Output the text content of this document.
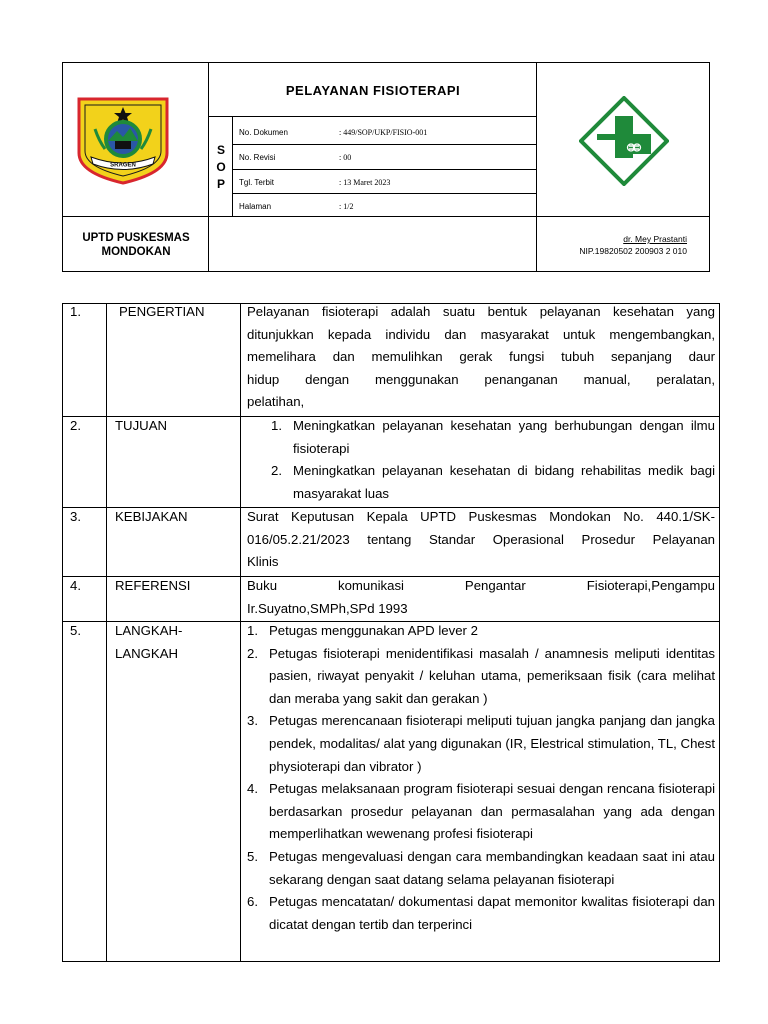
SRAGEN
PELAYANAN FISIOTERAPI
S
O
P
No. Dokumen	: 449/SOP/UKP/FISIO-001
No. Revisi	: 00
Tgl. Terbit	: 13 Maret 2023
Halaman	: 1/2
UPTD PUSKESMAS
MONDOKAN
dr. Mey Prastanti
NIP.19820502 200903 2 010
1.	PENGERTIAN	Pelayanan fisioterapi adalah suatu bentuk pelayanan kesehatan yang
ditunjukkan kepada individu dan masyarakat untuk mengembangkan,
memelihara dan memulihkan gerak fungsi tubuh sepanjang daur
hidup dengan menggunakan penanganan manual, peralatan,
pelatihan,
2.	TUJUAN	1. Meningkatkan pelayanan kesehatan yang berhubungan dengan ilmu fisioterapi
2. Meningkatkan pelayanan kesehatan di bidang rehabilitas medik bagi masyarakat luas
3.	KEBIJAKAN	Surat Keputusan Kepala UPTD Puskesmas Mondokan No. 440.1/SK-
016/05.2.21/2023 tentang Standar Operasional Prosedur Pelayanan
Klinis
4.	REFERENSI	Buku komunikasi Pengantar Fisioterapi,Pengampu
Ir.Suyatno,SMPh,SPd 1993
5.	LANGKAH-
LANGKAH
1. Petugas menggunakan APD lever 2
2. Petugas fisioterapi menidentifikasi masalah / anamnesis meliputi identitas pasien, riwayat penyakit / keluhan utama, pemeriksaan fisik (cara melihat dan meraba yang sakit dan gerakan )
3. Petugas merencanaan fisioterapi meliputi tujuan jangka panjang dan jangka pendek, modalitas/ alat yang digunakan (IR, Elestrical stimulation, TL, Chest physioterapi dan vibrator )
4. Petugas melaksanaan program fisioterapi sesuai dengan rencana fisioterapi berdasarkan prosedur pelayanan dan permasalahan yang ada dengan memperlihatkan wewenang profesi fisioterapi
5. Petugas mengevaluasi dengan cara membandingkan keadaan saat ini atau sekarang dengan saat datang selama pelayanan fisioterapi
6. Petugas mencatatan/ dokumentasi dapat memonitor kwalitas fisioterapi dan dicatat dengan tertib dan terperinci
